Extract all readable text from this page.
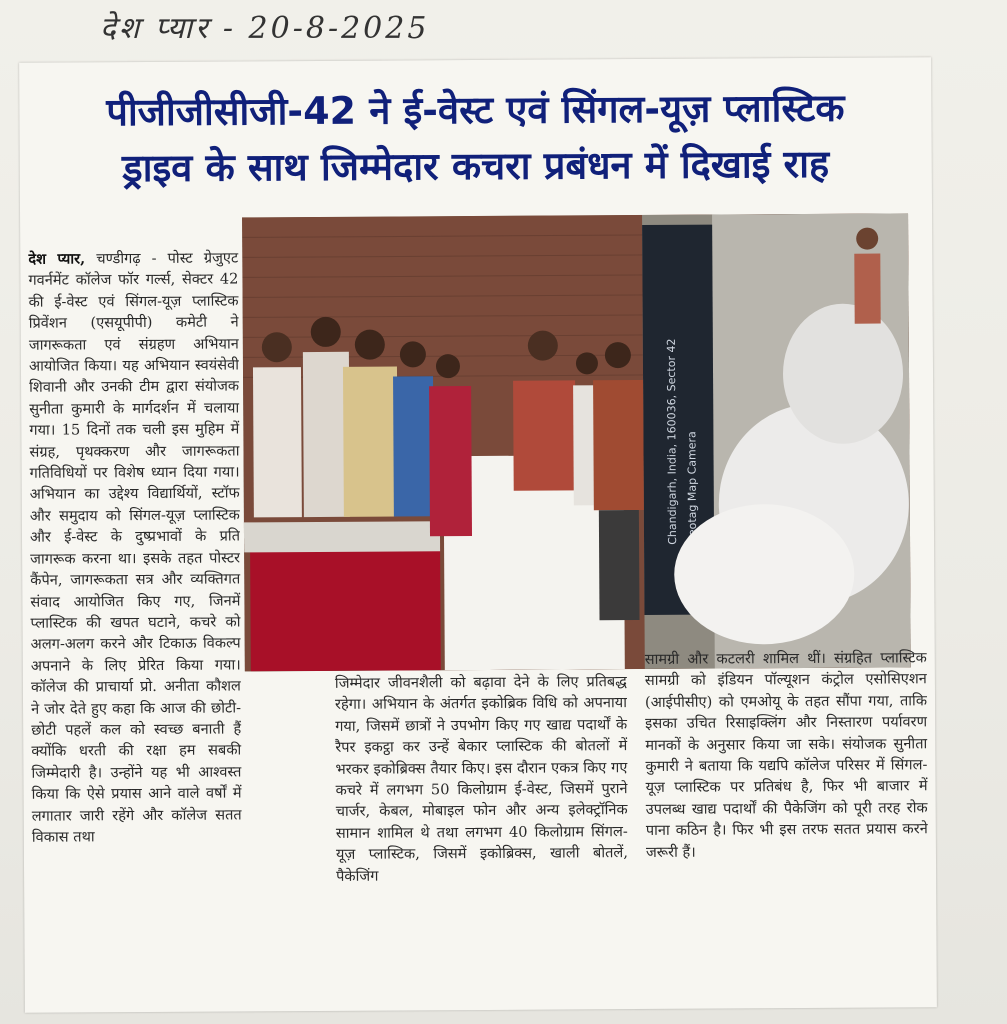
देश प्यार - 20-8-2025
पीजीजीसीजी-42 ने ई-वेस्ट एवं सिंगल-यूज़ प्लास्टिक
ड्राइव के साथ जिम्मेदार कचरा प्रबंधन में दिखाई राह
देश प्यार, चण्डीगढ़ - पोस्ट ग्रेजुएट गवर्नमेंट कॉलेज फॉर गर्ल्स, सेक्टर 42 की ई-वेस्ट एवं सिंगल-यूज़ प्लास्टिक प्रिवेंशन (एसयूपीपी) कमेटी ने जागरूकता एवं संग्रहण अभियान आयोजित किया। यह अभियान स्वयंसेवी शिवानी और उनकी टीम द्वारा संयोजक सुनीता कुमारी के मार्गदर्शन में चलाया गया। 15 दिनों तक चली इस मुहिम में संग्रह, पृथक्करण और जागरूकता गतिविधियों पर विशेष ध्यान दिया गया। अभियान का उद्देश्य विद्यार्थियों, स्टॉफ और समुदाय को सिंगल-यूज़ प्लास्टिक और ई-वेस्ट के दुष्प्रभावों के प्रति जागरूक करना था। इसके तहत पोस्टर कैंपेन, जागरूकता सत्र और व्यक्तिगत संवाद आयोजित किए गए, जिनमें प्लास्टिक की खपत घटाने, कचरे को अलग-अलग करने और टिकाऊ विकल्प अपनाने के लिए प्रेरित किया गया। कॉलेज की प्राचार्या प्रो. अनीता कौशल ने जोर देते हुए कहा कि आज की छोटी-छोटी पहलें कल को स्वच्छ बनाती हैं क्योंकि धरती की रक्षा हम सबकी जिम्मेदारी है। उन्होंने यह भी आश्वस्त किया कि ऐसे प्रयास आने वाले वर्षों में लगातार जारी रहेंगे और कॉलेज सतत विकास तथा
Chandigarh, India, 160036, Sector 42 Geotag Map Camera
जिम्मेदार जीवनशैली को बढ़ावा देने के लिए प्रतिबद्ध रहेगा। अभियान के अंतर्गत इकोब्रिक विधि को अपनाया गया, जिसमें छात्रों ने उपभोग किए गए खाद्य पदार्थों के रैपर इकट्ठा कर उन्हें बेकार प्लास्टिक की बोतलों में भरकर इकोब्रिक्स तैयार किए। इस दौरान एकत्र किए गए कचरे में लगभग 50 किलोग्राम ई-वेस्ट, जिसमें पुराने चार्जर, केबल, मोबाइल फोन और अन्य इलेक्ट्रॉनिक सामान शामिल थे तथा लगभग 40 किलोग्राम सिंगल-यूज़ प्लास्टिक, जिसमें इकोब्रिक्स, खाली बोतलें, पैकेजिंग
सामग्री और कटलरी शामिल थीं। संग्रहित प्लास्टिक सामग्री को इंडियन पॉल्यूशन कंट्रोल एसोसिएशन (आईपीसीए) को एमओयू के तहत सौंपा गया, ताकि इसका उचित रिसाइक्लिंग और निस्तारण पर्यावरण मानकों के अनुसार किया जा सके। संयोजक सुनीता कुमारी ने बताया कि यद्यपि कॉलेज परिसर में सिंगल-यूज़ प्लास्टिक पर प्रतिबंध है, फिर भी बाजार में उपलब्ध खाद्य पदार्थों की पैकेजिंग को पूरी तरह रोक पाना कठिन है। फिर भी इस तरफ सतत प्रयास करने जरूरी हैं।
